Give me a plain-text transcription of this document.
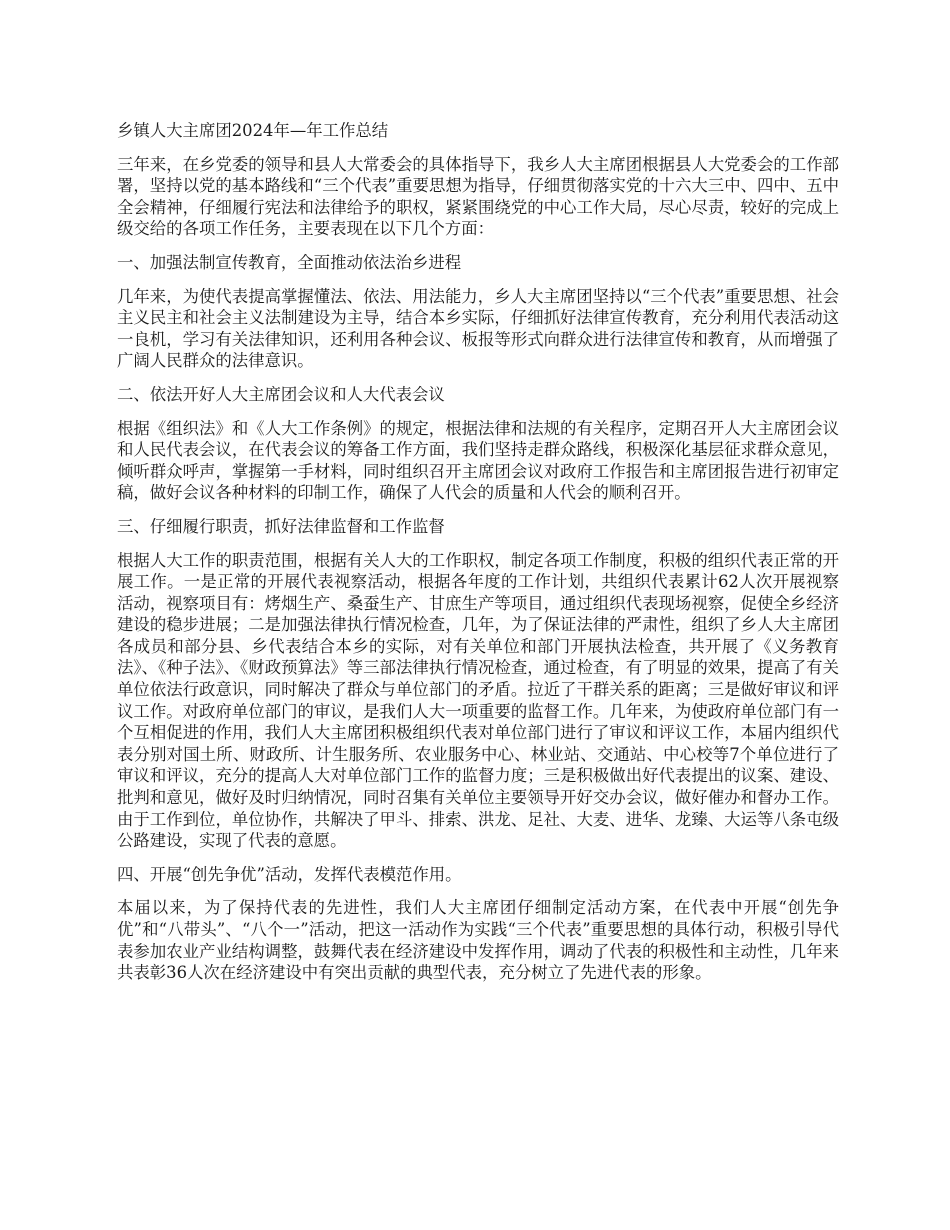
乡镇人大主席团2024年—年工作总结

三年来，在乡党委的领导和县人大常委会的具体指导下，我乡人大主席团根据县人大党委会的工作部署，坚持以党的基本路线和“三个代表”重要思想为指导，仔细贯彻落实党的十六大三中、四中、五中全会精神，仔细履行宪法和法律给予的职权，紧紧围绕党的中心工作大局，尽心尽责，较好的完成上级交给的各项工作任务，主要表现在以下几个方面：

一、加强法制宣传教育，全面推动依法治乡进程

几年来，为使代表提高掌握懂法、依法、用法能力，乡人大主席团坚持以“三个代表”重要思想、社会主义民主和社会主义法制建设为主导，结合本乡实际，仔细抓好法律宣传教育，充分利用代表活动这一良机，学习有关法律知识，还利用各种会议、板报等形式向群众进行法律宣传和教育，从而增强了广阔人民群众的法律意识。

二、依法开好人大主席团会议和人大代表会议

根据《组织法》和《人大工作条例》的规定，根据法律和法规的有关程序，定期召开人大主席团会议和人民代表会议，在代表会议的筹备工作方面，我们坚持走群众路线，积极深化基层征求群众意见，倾听群众呼声，掌握第一手材料，同时组织召开主席团会议对政府工作报告和主席团报告进行初审定稿，做好会议各种材料的印制工作，确保了人代会的质量和人代会的顺利召开。

三、仔细履行职责，抓好法律监督和工作监督

根据人大工作的职责范围，根据有关人大的工作职权，制定各项工作制度，积极的组织代表正常的开展工作。一是正常的开展代表视察活动，根据各年度的工作计划，共组织代表累计62人次开展视察活动，视察项目有：烤烟生产、桑蚕生产、甘庶生产等项目，通过组织代表现场视察，促使全乡经济建设的稳步进展；二是加强法律执行情况检查，几年，为了保证法律的严肃性，组织了乡人大主席团各成员和部分县、乡代表结合本乡的实际，对有关单位和部门开展执法检查，共开展了《义务教育法》、《种子法》、《财政预算法》等三部法律执行情况检查，通过检查，有了明显的效果，提高了有关单位依法行政意识，同时解决了群众与单位部门的矛盾。拉近了干群关系的距离；三是做好审议和评议工作。对政府单位部门的审议，是我们人大一项重要的监督工作。几年来，为使政府单位部门有一个互相促进的作用，我们人大主席团积极组织代表对单位部门进行了审议和评议工作，本届内组织代表分别对国土所、财政所、计生服务所、农业服务中心、林业站、交通站、中心校等7个单位进行了审议和评议，充分的提高人大对单位部门工作的监督力度；三是积极做出好代表提出的议案、建设、批判和意见，做好及时归纳情况，同时召集有关单位主要领导开好交办会议，做好催办和督办工作。由于工作到位，单位协作，共解决了甲斗、排索、洪龙、足社、大麦、进华、龙臻、大运等八条屯级公路建设，实现了代表的意愿。

四、开展“创先争优”活动，发挥代表模范作用。

本届以来，为了保持代表的先进性，我们人大主席团仔细制定活动方案，在代表中开展“创先争优”和“八带头”、“八个一”活动，把这一活动作为实践“三个代表”重要思想的具体行动，积极引导代表参加农业产业结构调整，鼓舞代表在经济建设中发挥作用，调动了代表的积极性和主动性，几年来共表彰36人次在经济建设中有突出贡献的典型代表，充分树立了先进代表的形象。
